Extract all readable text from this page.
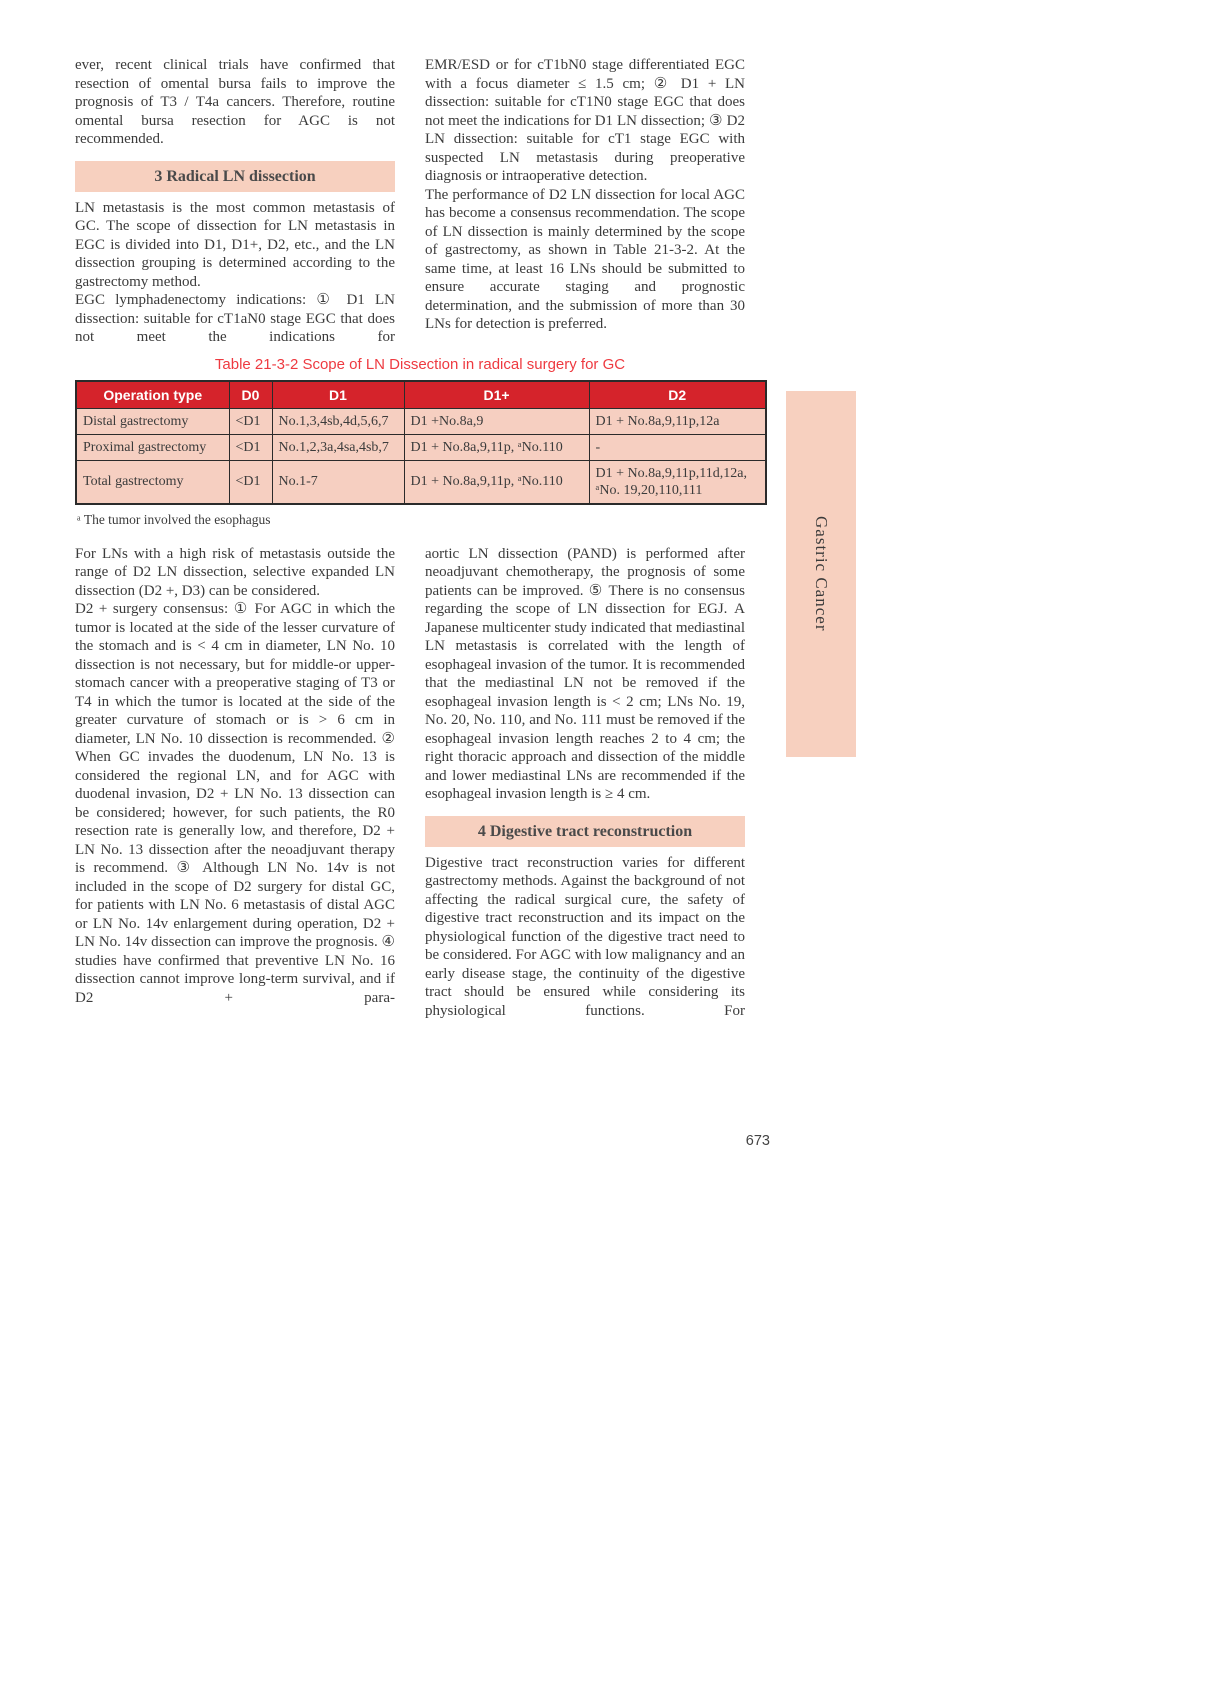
ever, recent clinical trials have confirmed that resection of omental bursa fails to improve the prognosis of T3 / T4a cancers. Therefore, routine omental bursa resection for AGC is not recommended.

3 Radical LN dissection

LN metastasis is the most common metastasis of GC. The scope of dissection for LN metastasis in EGC is divided into D1, D1+, D2, etc., and the LN dissection grouping is determined according to the gastrectomy method.

EGC lymphadenectomy indications: ① D1 LN dissection: suitable for cT1aN0 stage EGC that does not meet the indications for

EMR/ESD or for cT1bN0 stage differentiated EGC with a focus diameter ≤ 1.5 cm; ② D1 + LN dissection: suitable for cT1N0 stage EGC that does not meet the indications for D1 LN dissection; ③ D2 LN dissection: suitable for cT1 stage EGC with suspected LN metastasis during preoperative diagnosis or intraoperative detection.

The performance of D2 LN dissection for local AGC has become a consensus recommendation. The scope of LN dissection is mainly determined by the scope of gastrectomy, as shown in Table 21-3-2. At the same time, at least 16 LNs should be submitted to ensure accurate staging and prognostic determination, and the submission of more than 30 LNs for detection is preferred.

Table 21-3-2 Scope of LN Dissection in radical surgery for GC
Operation type	D0	D1	D1+	D2
Distal gastrectomy	<D1	No.1,3,4sb,4d,5,6,7	D1 +No.8a,9	D1 + No.8a,9,11p,12a
Proximal gastrectomy	<D1	No.1,2,3a,4sa,4sb,7	D1 + No.8a,9,11p, ᵃNo.110	-
Total gastrectomy	<D1	No.1-7	D1 + No.8a,9,11p, ᵃNo.110	D1 + No.8a,9,11p,11d,12a, ᵃNo. 19,20,110,111
ᵃ The tumor involved the esophagus

For LNs with a high risk of metastasis outside the range of D2 LN dissection, selective expanded LN dissection (D2 +, D3) can be considered.

D2 + surgery consensus: ① For AGC in which the tumor is located at the side of the lesser curvature of the stomach and is < 4 cm in diameter, LN No. 10 dissection is not necessary, but for middle-or upper-stomach cancer with a preoperative staging of T3 or T4 in which the tumor is located at the side of the greater curvature of stomach or is > 6 cm in diameter, LN No. 10 dissection is recommended. ② When GC invades the duodenum, LN No. 13 is considered the regional LN, and for AGC with duodenal invasion, D2 + LN No. 13 dissection can be considered; however, for such patients, the R0 resection rate is generally low, and therefore, D2 + LN No. 13 dissection after the neoadjuvant therapy is recommend. ③ Although LN No. 14v is not included in the scope of D2 surgery for distal GC, for patients with LN No. 6 metastasis of distal AGC or LN No. 14v enlargement during operation, D2 + LN No. 14v dissection can improve the prognosis. ④ studies have confirmed that preventive LN No. 16 dissection cannot improve long-term survival, and if D2 + para-

aortic LN dissection (PAND) is performed after neoadjuvant chemotherapy, the prognosis of some patients can be improved. ⑤ There is no consensus regarding the scope of LN dissection for EGJ. A Japanese multicenter study indicated that mediastinal LN metastasis is correlated with the length of esophageal invasion of the tumor. It is recommended that the mediastinal LN not be removed if the esophageal invasion length is < 2 cm; LNs No. 19, No. 20, No. 110, and No. 111 must be removed if the esophageal invasion length reaches 2 to 4 cm; the right thoracic approach and dissection of the middle and lower mediastinal LNs are recommended if the esophageal invasion length is ≥ 4 cm.

4 Digestive tract reconstruction

Digestive tract reconstruction varies for different gastrectomy methods. Against the background of not affecting the radical surgical cure, the safety of digestive tract reconstruction and its impact on the physiological function of the digestive tract need to be considered. For AGC with low malignancy and an early disease stage, the continuity of the digestive tract should be ensured while considering its physiological functions. For

Gastric Cancer
673
